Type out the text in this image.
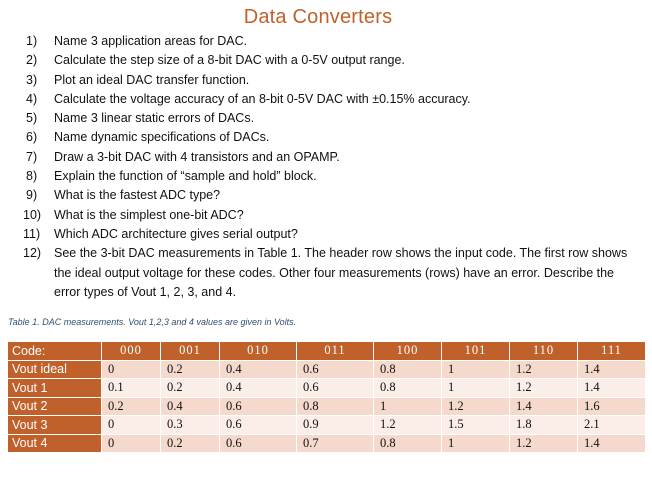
Data Converters
1)	Name 3 application areas for DAC.
2)	Calculate the step size of a 8-bit DAC with a 0-5V output range.
3)	Plot an ideal DAC transfer function.
4)	Calculate the voltage accuracy of an 8-bit 0-5V DAC with ±0.15% accuracy.
5)	Name 3 linear static errors of DACs.
6)	Name dynamic specifications of DACs.
7)	Draw a 3-bit DAC with 4 transistors and an OPAMP.
8)	Explain the function of “sample and hold” block.
9)	What is the fastest ADC type?
10)	What is the simplest one-bit ADC?
11)	Which ADC architecture gives serial output?
12)	See the 3-bit DAC measurements in Table 1. The header row shows the input code. The first row shows the ideal output voltage for these codes. Other four measurements (rows) have an error. Describe the error types of Vout 1, 2, 3, and 4.
Table 1. DAC measurements. Vout 1,2,3 and 4 values are given in Volts.
Code:	000	001	010	011	100	101	110	111
Vout ideal	0	0.2	0.4	0.6	0.8	1	1.2	1.4
Vout 1	0.1	0.2	0.4	0.6	0.8	1	1.2	1.4
Vout 2	0.2	0.4	0.6	0.8	1	1.2	1.4	1.6
Vout 3	0	0.3	0.6	0.9	1.2	1.5	1.8	2.1
Vout 4	0	0.2	0.6	0.7	0.8	1	1.2	1.4
